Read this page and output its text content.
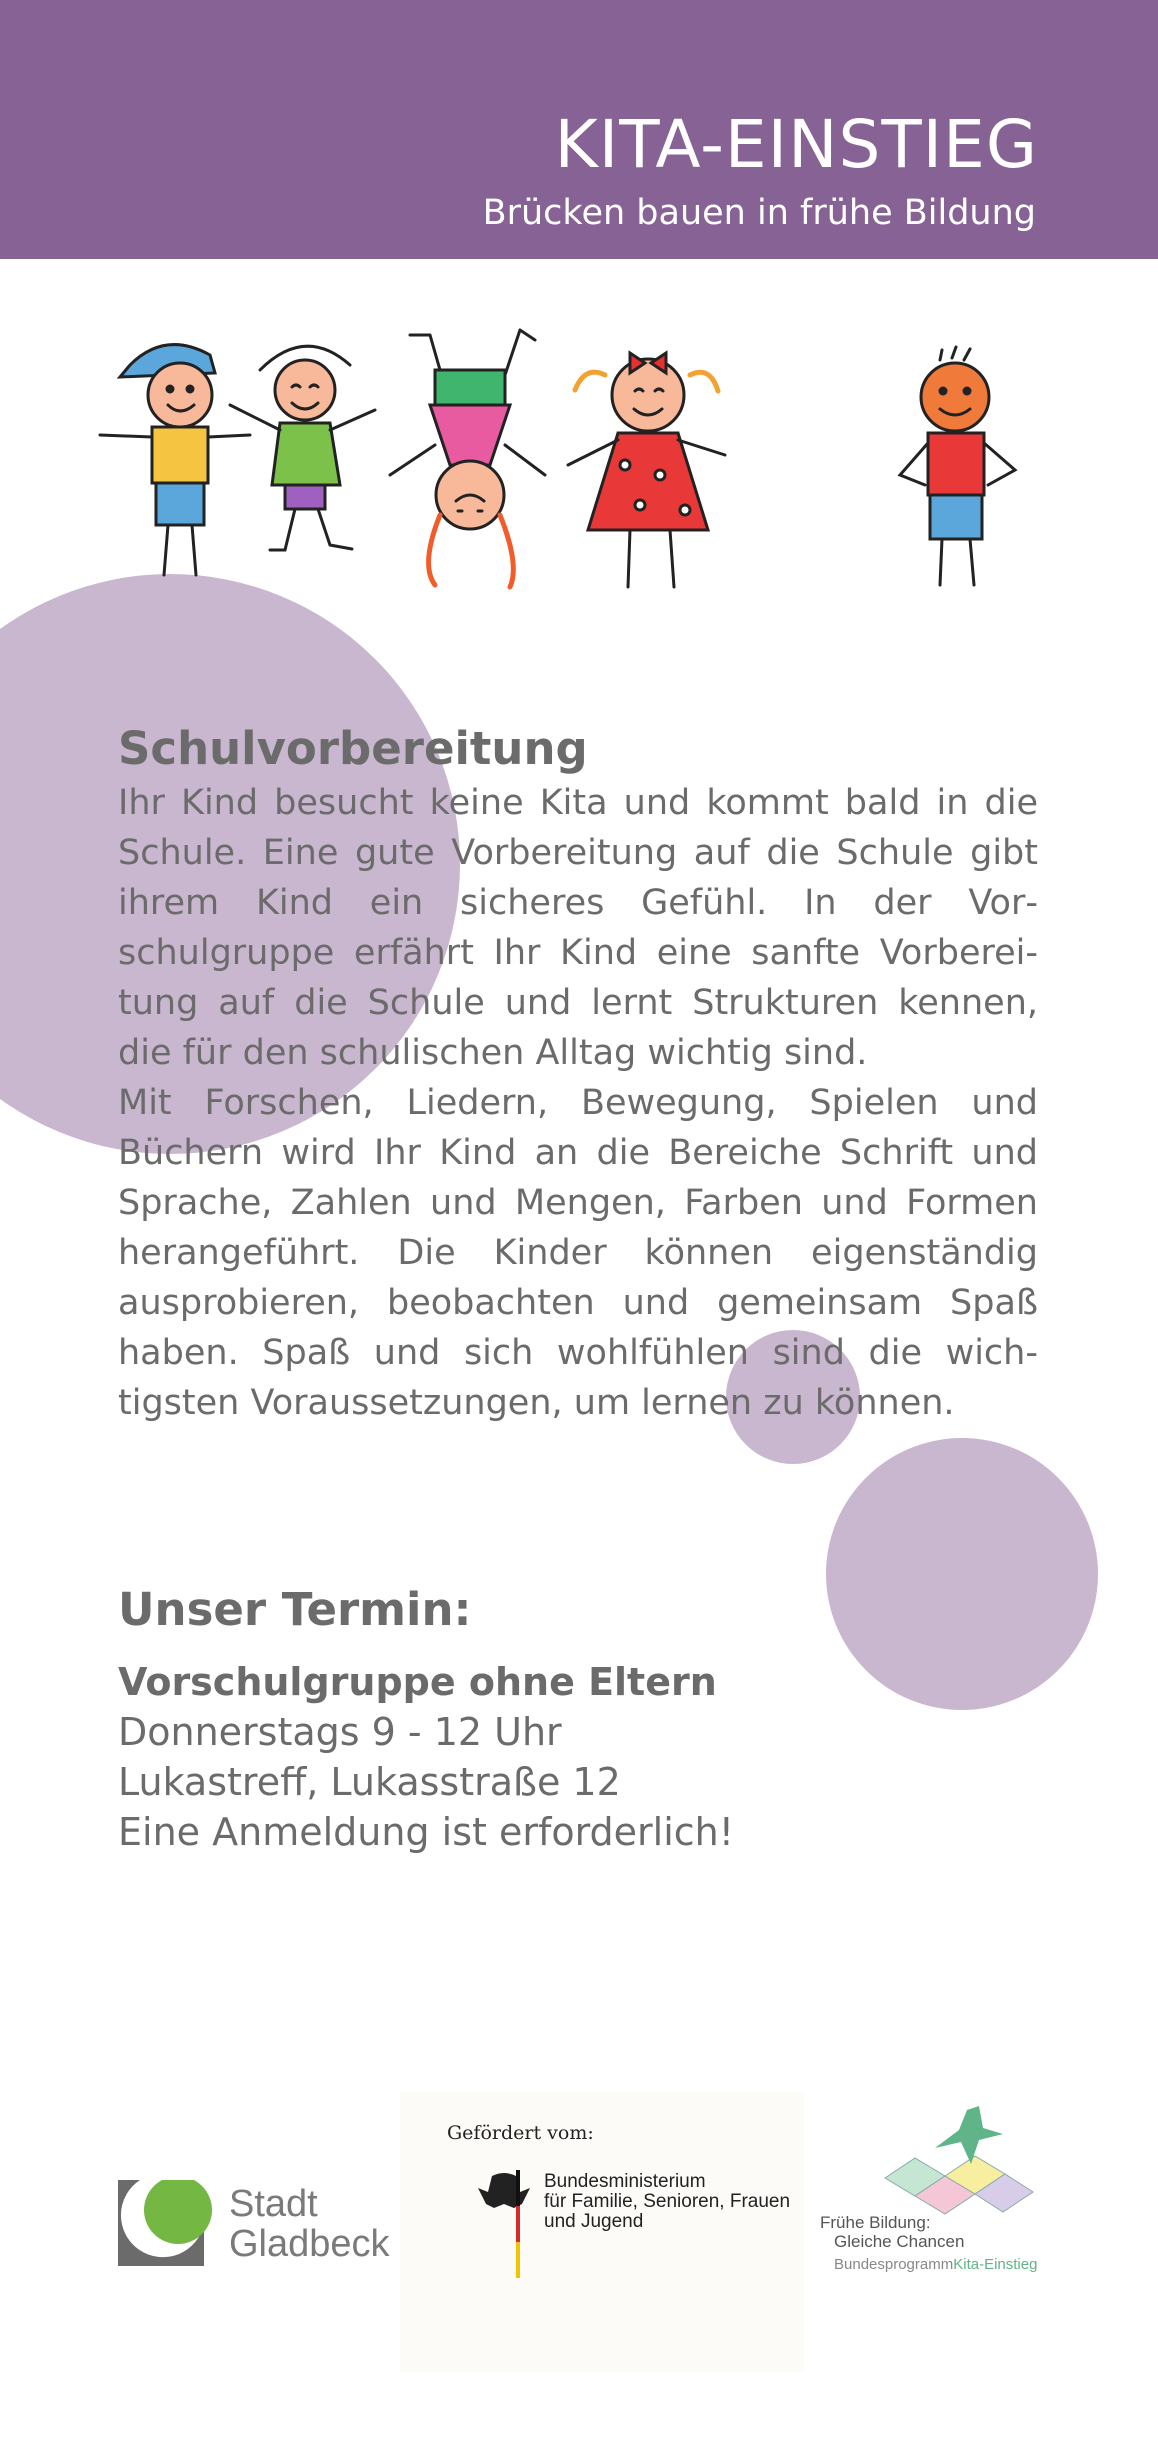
KITA-EINSTIEG
Brücken bauen in frühe Bildung
Schulvorbereitung

Ihr Kind besucht keine Kita und kommt bald in die Schule. Eine gute Vorbereitung auf die Schule gibt ihrem Kind ein sicheres Gefühl. In der Vorschulgruppe erfährt Ihr Kind eine sanfte Vorbereitung auf die Schule und lernt Strukturen kennen, die für den schulischen Alltag wichtig sind.

Mit Forschen, Liedern, Bewegung, Spielen und Büchern wird Ihr Kind an die Bereiche Schrift und Sprache, Zahlen und Mengen, Farben und Formen herangeführt. Die Kinder können eigenständig ausprobieren, beobachten und gemeinsam Spaß haben. Spaß und sich wohlfühlen sind die wichtigsten Voraussetzungen, um lernen zu können.

Unser Termin:
Vorschulgruppe ohne Eltern
Donnerstags 9 - 12 Uhr
Lukastreff, Lukasstraße 12
Eine Anmeldung ist erforderlich!
Stadt
Gladbeck
Gefördert vom:
Bundesministerium
für Familie, Senioren, Frauen
und Jugend	Frühe Bildung:
Gleiche Chancen
BundesprogrammKita-Einstieg
